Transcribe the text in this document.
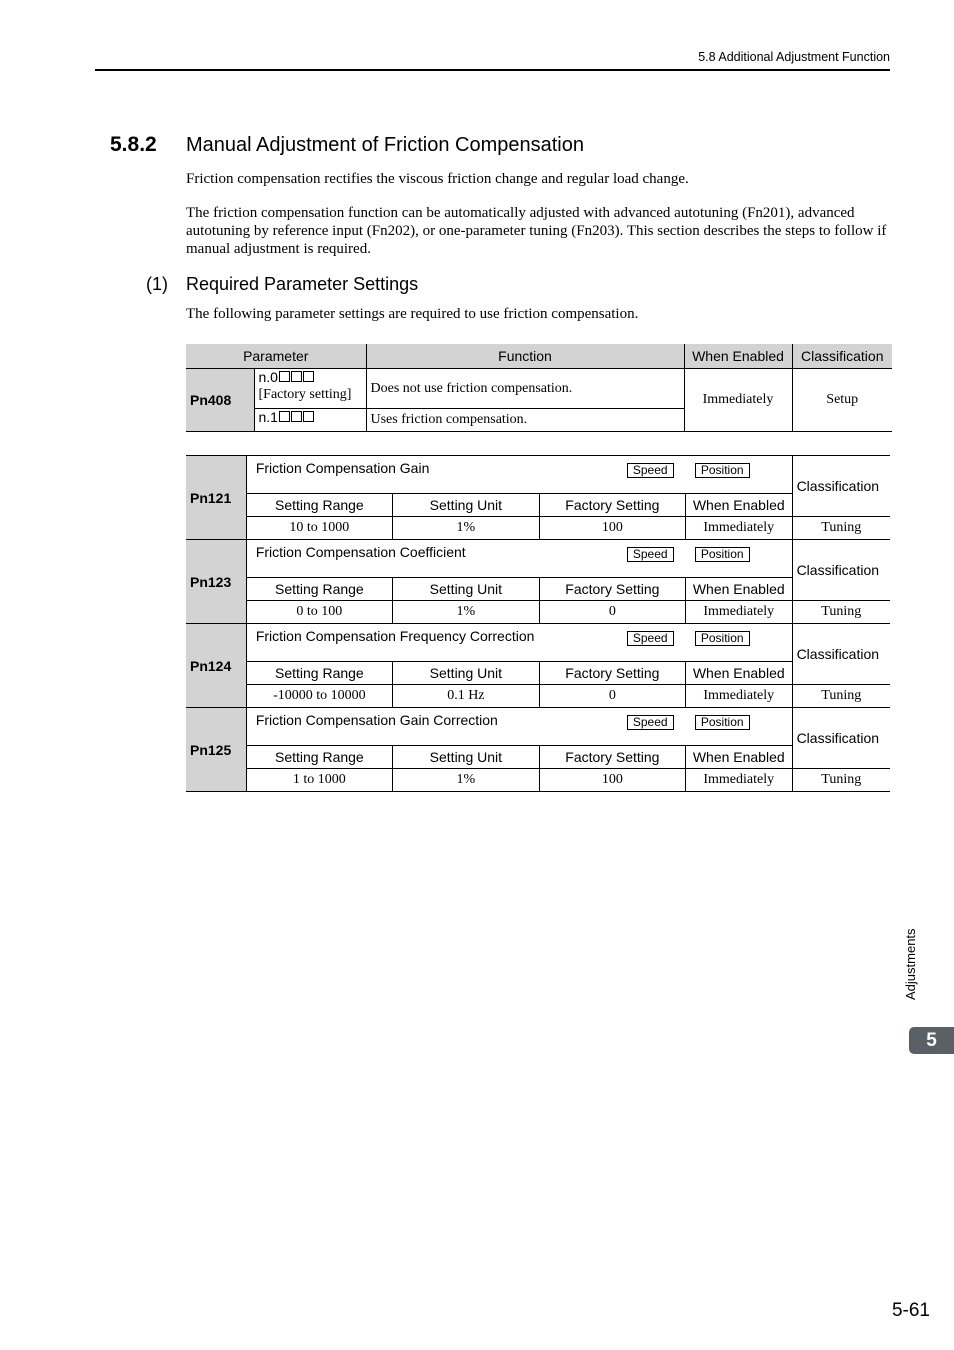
5.8 Additional Adjustment Function
5.8.2 Manual Adjustment of Friction Compensation
Friction compensation rectifies the viscous friction change and regular load change.
The friction compensation function can be automatically adjusted with advanced autotuning (Fn201), advanced autotuning by reference input (Fn202), or one-parameter tuning (Fn203). This section describes the steps to follow if manual adjustment is required.
(1) Required Parameter Settings
The following parameter settings are required to use friction compensation.
Parameter		Function	When Enabled	Classification
Pn408	n.0
[Factory setting]	Does not use friction compensation.	Immediately	Setup
	n.1	Uses friction compensation.		
Pn121	Friction Compensation Gain Speed Position				Classification
	Setting Range	Setting Unit	Factory Setting	When Enabled	
	10 to 1000	1%	100	Immediately	Tuning
Pn123	Friction Compensation Coefficient Speed Position				Classification
	Setting Range	Setting Unit	Factory Setting	When Enabled	
	0 to 100	1%	0	Immediately	Tuning
Pn124	Friction Compensation Frequency Correction Speed Position				Classification
	Setting Range	Setting Unit	Factory Setting	When Enabled	
	-10000 to 10000	0.1 Hz	0	Immediately	Tuning
Pn125	Friction Compensation Gain Correction Speed Position				Classification
	Setting Range	Setting Unit	Factory Setting	When Enabled	
	1 to 1000	1%	100	Immediately	Tuning
Adjustments
5
5-61
